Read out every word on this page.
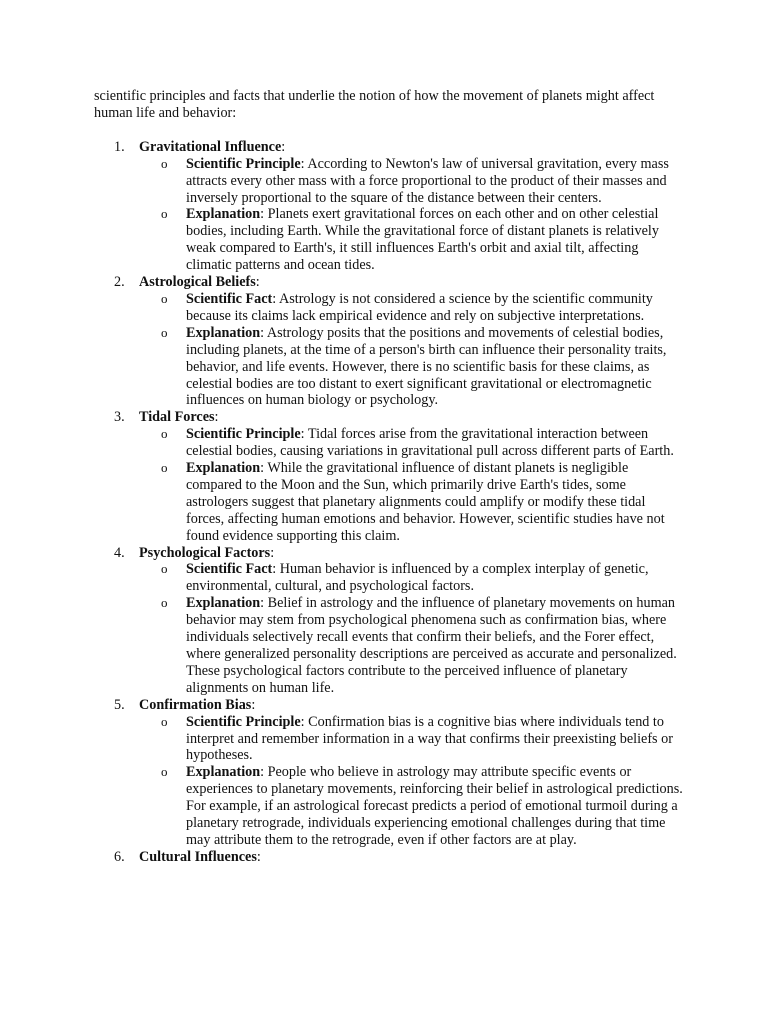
scientific principles and facts that underlie the notion of how the movement of planets might affect human life and behavior:

1. Gravitational Influence:
o Scientific Principle: According to Newton's law of universal gravitation, every mass attracts every other mass with a force proportional to the product of their masses and inversely proportional to the square of the distance between their centers.
o Explanation: Planets exert gravitational forces on each other and on other celestial bodies, including Earth. While the gravitational force of distant planets is relatively weak compared to Earth's, it still influences Earth's orbit and axial tilt, affecting climatic patterns and ocean tides.
2. Astrological Beliefs:
o Scientific Fact: Astrology is not considered a science by the scientific community because its claims lack empirical evidence and rely on subjective interpretations.
o Explanation: Astrology posits that the positions and movements of celestial bodies, including planets, at the time of a person's birth can influence their personality traits, behavior, and life events. However, there is no scientific basis for these claims, as celestial bodies are too distant to exert significant gravitational or electromagnetic influences on human biology or psychology.
3. Tidal Forces:
o Scientific Principle: Tidal forces arise from the gravitational interaction between celestial bodies, causing variations in gravitational pull across different parts of Earth.
o Explanation: While the gravitational influence of distant planets is negligible compared to the Moon and the Sun, which primarily drive Earth's tides, some astrologers suggest that planetary alignments could amplify or modify these tidal forces, affecting human emotions and behavior. However, scientific studies have not found evidence supporting this claim.
4. Psychological Factors:
o Scientific Fact: Human behavior is influenced by a complex interplay of genetic, environmental, cultural, and psychological factors.
o Explanation: Belief in astrology and the influence of planetary movements on human behavior may stem from psychological phenomena such as confirmation bias, where individuals selectively recall events that confirm their beliefs, and the Forer effect, where generalized personality descriptions are perceived as accurate and personalized. These psychological factors contribute to the perceived influence of planetary alignments on human life.
5. Confirmation Bias:
o Scientific Principle: Confirmation bias is a cognitive bias where individuals tend to interpret and remember information in a way that confirms their preexisting beliefs or hypotheses.
o Explanation: People who believe in astrology may attribute specific events or experiences to planetary movements, reinforcing their belief in astrological predictions. For example, if an astrological forecast predicts a period of emotional turmoil during a planetary retrograde, individuals experiencing emotional challenges during that time may attribute them to the retrograde, even if other factors are at play.
6. Cultural Influences:
